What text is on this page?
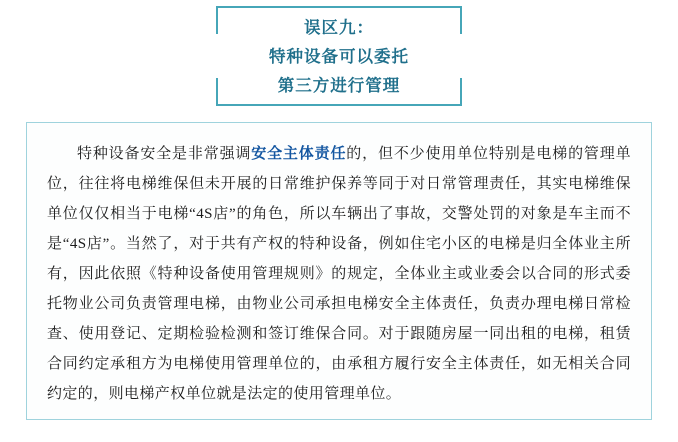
误区九：
特种设备可以委托
第三方进行管理

特种设备安全是非常强调安全主体责任的，但不少使用单位特别是电梯的管理单位，往往将电梯维保但未开展的日常维护保养等同于对日常管理责任，其实电梯维保单位仅仅相当于电梯“4S店”的角色，所以车辆出了事故，交警处罚的对象是车主而不是“4S店”。当然了，对于共有产权的特种设备，例如住宅小区的电梯是归全体业主所有，因此依照《特种设备使用管理规则》的规定，全体业主或业委会以合同的形式委托物业公司负责管理电梯，由物业公司承担电梯安全主体责任，负责办理电梯日常检查、使用登记、定期检验检测和签订维保合同。对于跟随房屋一同出租的电梯，租赁合同约定承租方为电梯使用管理单位的，由承租方履行安全主体责任，如无相关合同约定的，则电梯产权单位就是法定的使用管理单位。
